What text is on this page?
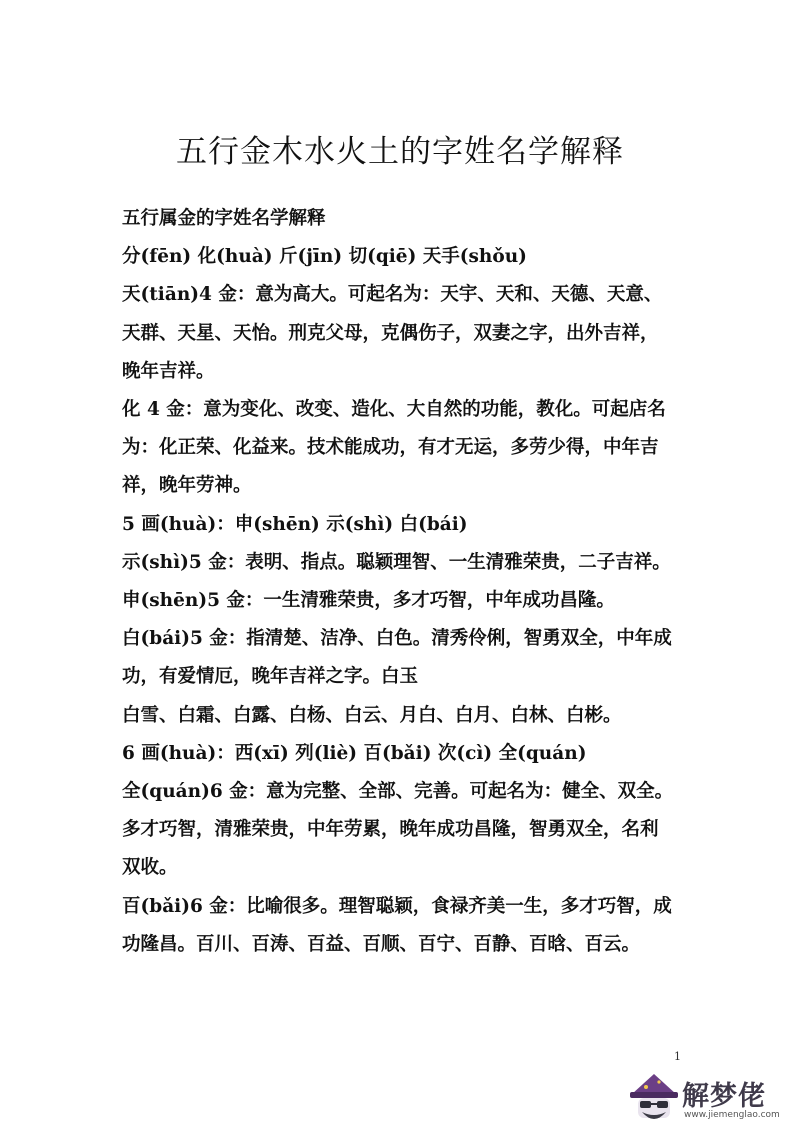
五行金木水火土的字姓名学解释
五行属金的字姓名学解释
分(fēn) 化(huà) 斤(jīn) 切(qiē) 天手(shǒu)
天(tiān)4 金：意为高大。可起名为：天宇、天和、天德、天意、
天群、天星、天怡。刑克父母，克偶伤子，双妻之字，出外吉祥，
晚年吉祥。
化 4 金：意为变化、改变、造化、大自然的功能，教化。可起店名
为：化正荣、化益来。技术能成功，有才无运，多劳少得，中年吉
祥，晚年劳神。
5 画(huà)：申(shēn) 示(shì) 白(bái)
示(shì)5 金：表明、指点。聪颖理智、一生清雅荣贵，二子吉祥。
申(shēn)5 金：一生清雅荣贵，多才巧智，中年成功昌隆。
白(bái)5 金：指清楚、洁净、白色。清秀伶俐，智勇双全，中年成
功，有爱情厄，晚年吉祥之字。白玉
白雪、白霜、白露、白杨、白云、月白、白月、白林、白彬。
6 画(huà)：西(xī) 列(liè) 百(bǎi) 次(cì) 全(quán)
全(quán)6 金：意为完整、全部、完善。可起名为：健全、双全。
多才巧智，清雅荣贵，中年劳累，晚年成功昌隆，智勇双全，名利
双收。
百(bǎi)6 金：比喻很多。理智聪颖，食禄齐美一生，多才巧智，成
功隆昌。百川、百涛、百益、百顺、百宁、百静、百晗、百云。
1
解梦佬
www.jiemenglao.com
